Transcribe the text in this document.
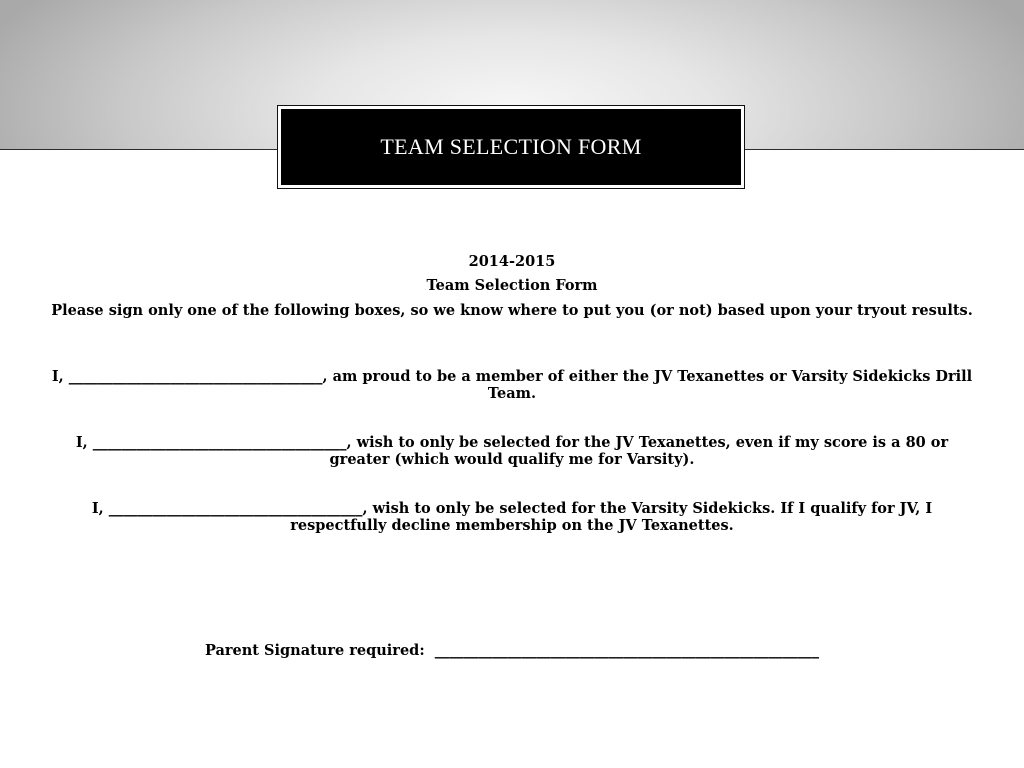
TEAM SELECTION FORM
2014-2015
Team Selection Form
Please sign only one of the following boxes, so we know where to put you (or not) based upon your tryout results.
I, ___________________________________, am proud to be a member of either the JV Texanettes or Varsity Sidekicks Drill Team.
I, ___________________________________, wish to only be selected for the JV Texanettes, even if my score is a 80 or greater (which would qualify me for Varsity).
I, ___________________________________, wish to only be selected for the Varsity Sidekicks. If I qualify for JV, I respectfully decline membership on the JV Texanettes.
Parent Signature required:  _____________________________________________________
